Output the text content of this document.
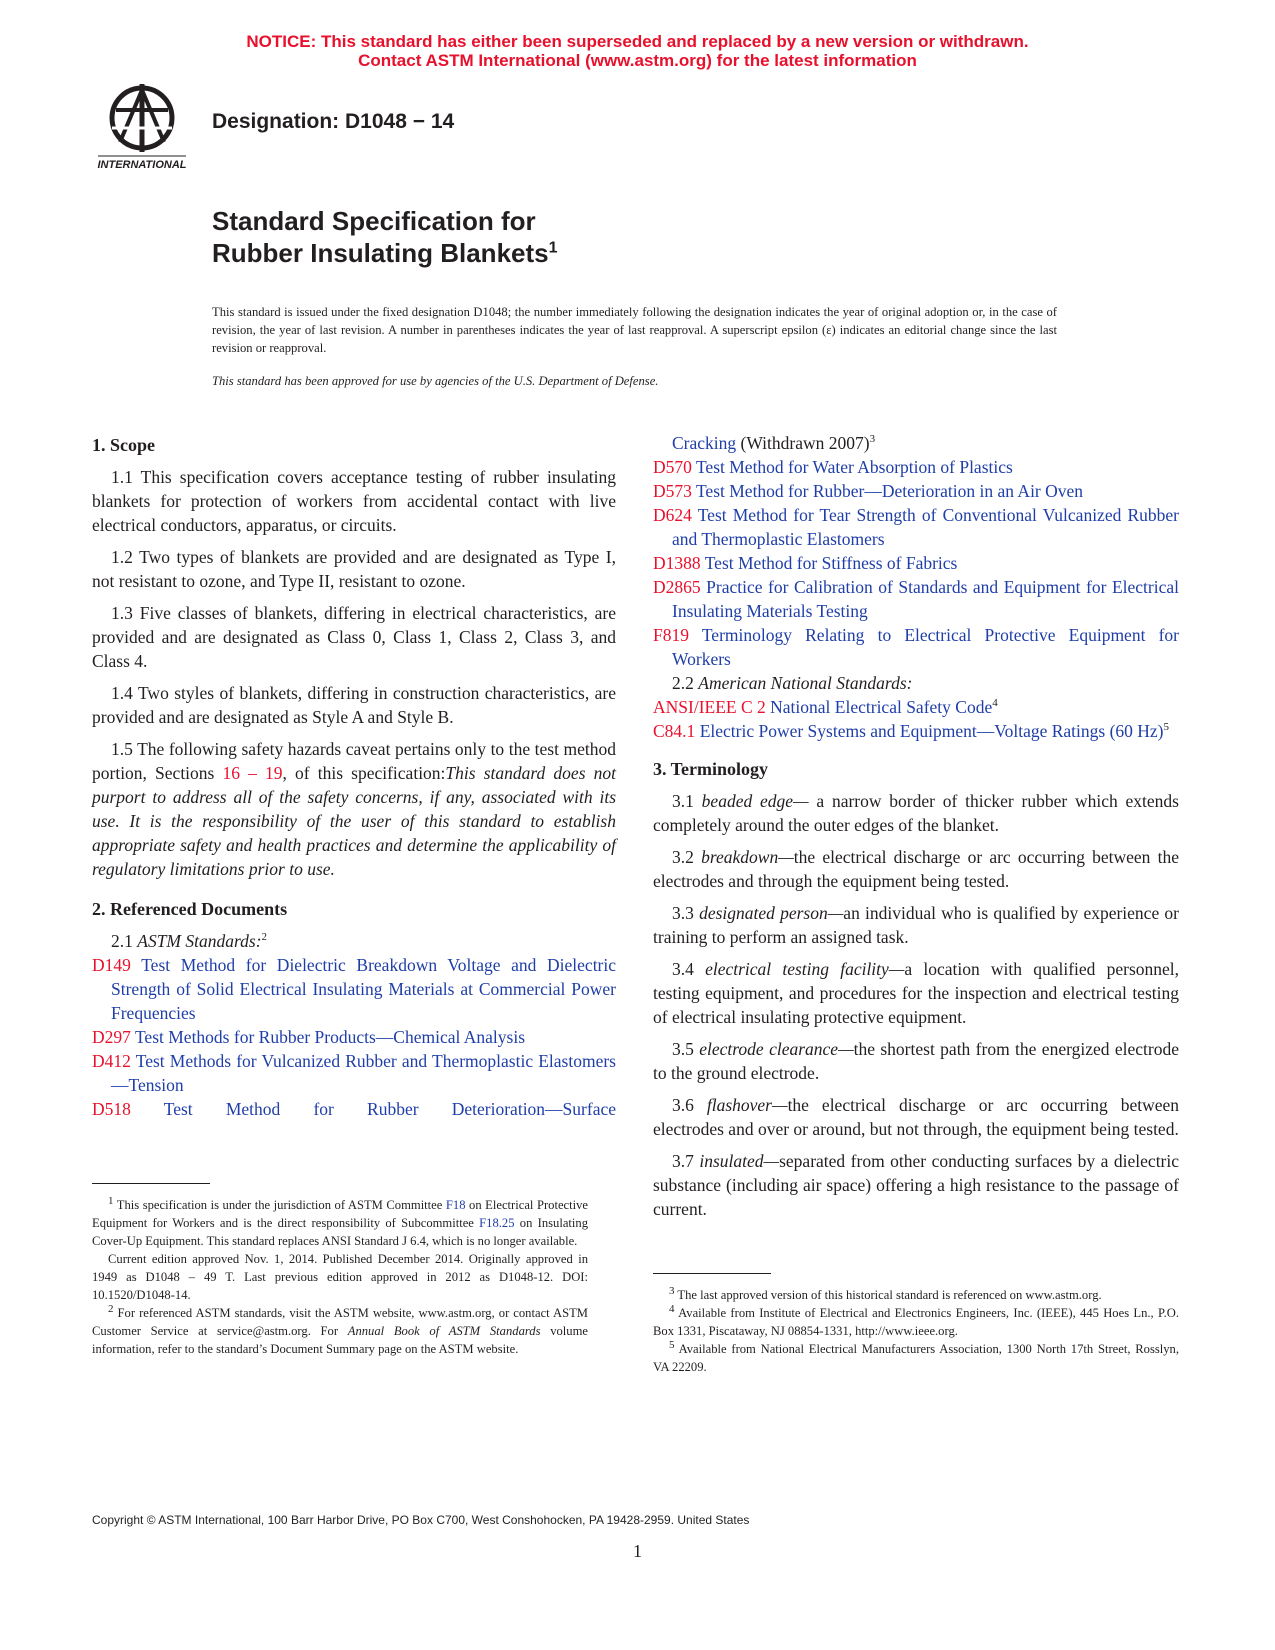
NOTICE: This standard has either been superseded and replaced by a new version or withdrawn.
Contact ASTM International (www.astm.org) for the latest information
INTERNATIONAL
Designation: D1048 − 14
Standard Specification for
Rubber Insulating Blankets$^1$
This standard is issued under the fixed designation D1048; the number immediately following the designation indicates the year of original adoption or, in the case of revision, the year of last revision. A number in parentheses indicates the year of last reapproval. A superscript epsilon (ε) indicates an editorial change since the last revision or reapproval.
This standard has been approved for use by agencies of the U.S. Department of Defense.
1. Scope

1.1 This specification covers acceptance testing of rubber insulating blankets for protection of workers from accidental contact with live electrical conductors, apparatus, or circuits.

1.2 Two types of blankets are provided and are designated as Type I, not resistant to ozone, and Type II, resistant to ozone.

1.3 Five classes of blankets, differing in electrical characteristics, are provided and are designated as Class 0, Class 1, Class 2, Class 3, and Class 4.

1.4 Two styles of blankets, differing in construction characteristics, are provided and are designated as Style A and Style B.

1.5 The following safety hazards caveat pertains only to the test method portion, Sections 16 – 19, of this specification:This standard does not purport to address all of the safety concerns, if any, associated with its use. It is the responsibility of the user of this standard to establish appropriate safety and health practices and determine the applicability of regulatory limitations prior to use.

2. Referenced Documents

2.1 ASTM Standards:$^2$

D149 Test Method for Dielectric Breakdown Voltage and Dielectric Strength of Solid Electrical Insulating Materials at Commercial Power Frequencies
D297 Test Methods for Rubber Products—Chemical Analysis
D412 Test Methods for Vulcanized Rubber and Thermoplastic Elastomers—Tension
D518 Test Method for Rubber Deterioration—Surface

$^1$ This specification is under the jurisdiction of ASTM Committee F18 on Electrical Protective Equipment for Workers and is the direct responsibility of Subcommittee F18.25 on Insulating Cover-Up Equipment. This standard replaces ANSI Standard J 6.4, which is no longer available.

Current edition approved Nov. 1, 2014. Published December 2014. Originally approved in 1949 as D1048 – 49 T. Last previous edition approved in 2012 as D1048-12. DOI: 10.1520/D1048-14.

$^2$ For referenced ASTM standards, visit the ASTM website, www.astm.org, or contact ASTM Customer Service at service@astm.org. For Annual Book of ASTM Standards volume information, refer to the standard’s Document Summary page on the ASTM website.

Cracking (Withdrawn 2007)$^3$
D570 Test Method for Water Absorption of Plastics
D573 Test Method for Rubber—Deterioration in an Air Oven
D624 Test Method for Tear Strength of Conventional Vulcanized Rubber and Thermoplastic Elastomers
D1388 Test Method for Stiffness of Fabrics
D2865 Practice for Calibration of Standards and Equipment for Electrical Insulating Materials Testing
F819 Terminology Relating to Electrical Protective Equipment for Workers

2.2 American National Standards:

ANSI/IEEE C 2 National Electrical Safety Code$^4$
C84.1 Electric Power Systems and Equipment—Voltage Ratings (60 Hz)$^5$
3. Terminology

3.1 beaded edge— a narrow border of thicker rubber which extends completely around the outer edges of the blanket.

3.2 breakdown—the electrical discharge or arc occurring between the electrodes and through the equipment being tested.

3.3 designated person—an individual who is qualified by experience or training to perform an assigned task.

3.4 electrical testing facility—a location with qualified personnel, testing equipment, and procedures for the inspection and electrical testing of electrical insulating protective equipment.

3.5 electrode clearance—the shortest path from the energized electrode to the ground electrode.

3.6 flashover—the electrical discharge or arc occurring between electrodes and over or around, but not through, the equipment being tested.

3.7 insulated—separated from other conducting surfaces by a dielectric substance (including air space) offering a high resistance to the passage of current.

$^3$ The last approved version of this historical standard is referenced on www.astm.org.

$^4$ Available from Institute of Electrical and Electronics Engineers, Inc. (IEEE), 445 Hoes Ln., P.O. Box 1331, Piscataway, NJ 08854-1331, http://www.ieee.org.

$^5$ Available from National Electrical Manufacturers Association, 1300 North 17th Street, Rosslyn, VA 22209.

Copyright © ASTM International, 100 Barr Harbor Drive, PO Box C700, West Conshohocken, PA 19428-2959. United States
1
